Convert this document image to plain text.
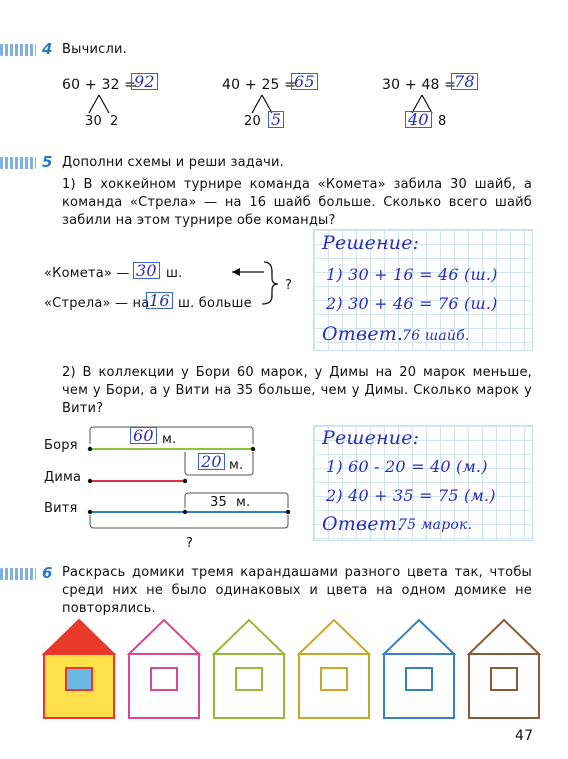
4 Вычисли.
60 + 32 =
92
30 2
40 + 25 =
65
20 5
30 + 48 =
78
40 8
5 Дополни схемы и реши задачи.
1) В хоккейном турнире команда «Комета» забила 30 шайб, а команда «Стрела» — на 16 шайб больше. Сколько всего шайб забили на этом турнире обе команды?
«Комета» — 30 ш.
«Стрела» — на 16 ш. больше
?
Решение:
1) 30 + 16 = 46 (ш.)
2) 30 + 46 = 76 (ш.)
Ответ.
76 шайб.
2) В коллекции у Бори 60 марок, у Димы на 20 марок меньше, чем у Бори, а у Вити на 35 больше, чем у Димы. Сколько марок у Вити?
Боря
Дима
Витя
60 м.
20 м.
35 м.
?
Решение:
1) 60 - 20 = 40 (м.)
2) 40 + 35 = 75 (м.)
Ответ.
75 марок.
6 Раскрась домики тремя карандашами разного цвета так, чтобы среди них не было одинаковых и цвета на одном домике не повторялись.
47
